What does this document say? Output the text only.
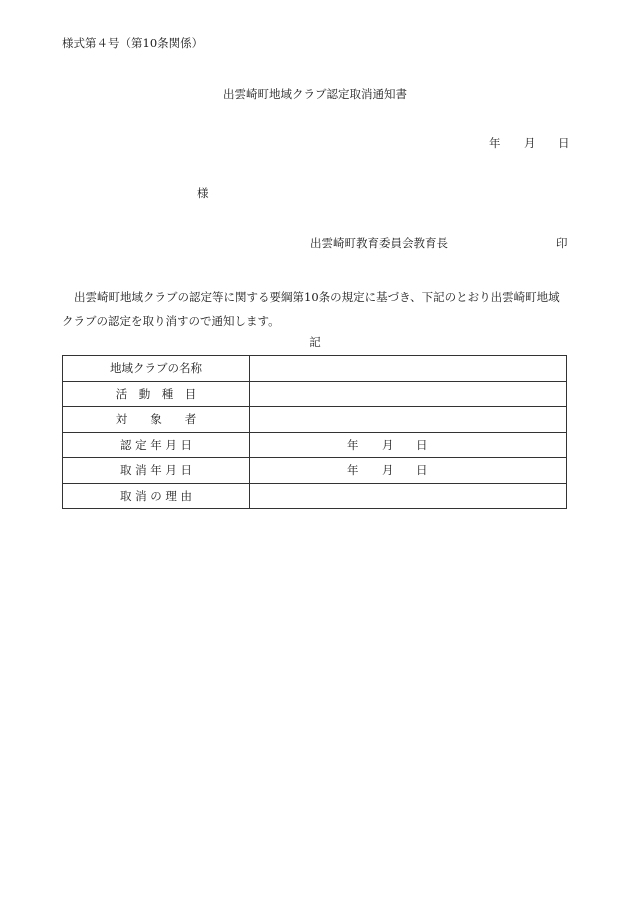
様式第４号（第10条関係）
出雲崎町地域クラブ認定取消通知書
年 月 日
様
出雲崎町教育委員会教育長	印
出雲崎町地域クラブの認定等に関する要綱第10条の規定に基づき、下記のとおり出雲崎町地域クラブの認定を取り消すので通知します。
記
地域クラブの名称	
活　動　種　目	
対　　象　　者	
認 定 年 月 日	年 月 日

取 消 年 月 日	年 月 日

取 消 の 理 由	
